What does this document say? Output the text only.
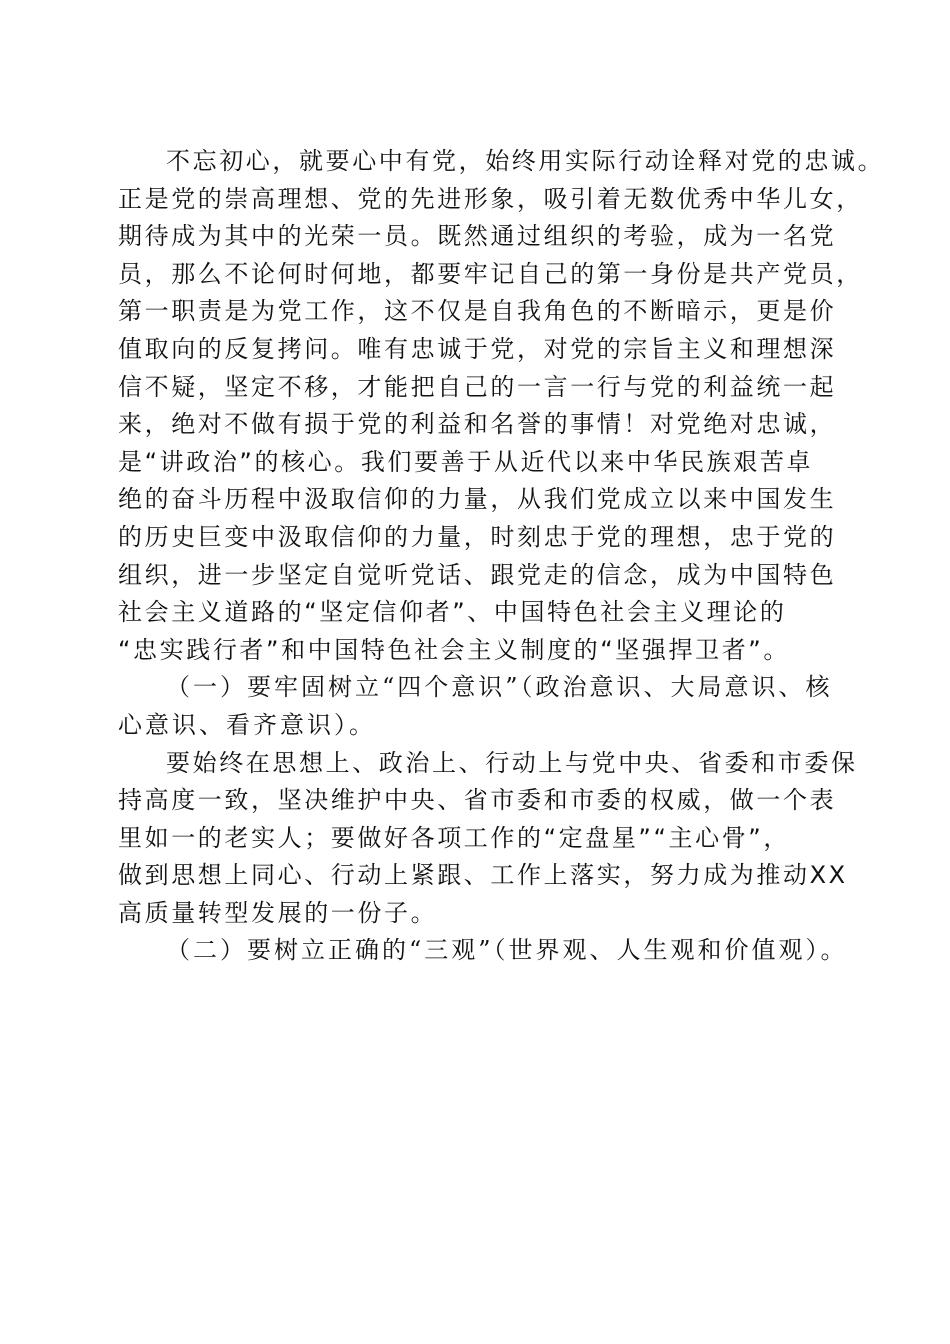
不忘初心，就要心中有党，始终用实际行动诠释对党的忠诚。
正是党的崇高理想、党的先进形象，吸引着无数优秀中华儿女，
期待成为其中的光荣一员。既然通过组织的考验，成为一名党
员，那么不论何时何地，都要牢记自己的第一身份是共产党员，
第一职责是为党工作，这不仅是自我角色的不断暗示，更是价
值取向的反复拷问。唯有忠诚于党，对党的宗旨主义和理想深
信不疑，坚定不移，才能把自己的一言一行与党的利益统一起
来，绝对不做有损于党的利益和名誉的事情！对党绝对忠诚，
是“讲政治”的核心。我们要善于从近代以来中华民族艰苦卓
绝的奋斗历程中汲取信仰的力量，从我们党成立以来中国发生
的历史巨变中汲取信仰的力量，时刻忠于党的理想，忠于党的
组织，进一步坚定自觉听党话、跟党走的信念，成为中国特色
社会主义道路的“坚定信仰者”、中国特色社会主义理论的
“忠实践行者”和中国特色社会主义制度的“坚强捍卫者”。
（一）要牢固树立“四个意识”（政治意识、大局意识、核
心意识、看齐意识）。
要始终在思想上、政治上、行动上与党中央、省委和市委保
持高度一致，坚决维护中央、省市委和市委的权威，做一个表
里如一的老实人；要做好各项工作的“定盘星”“主心骨”，
做到思想上同心、行动上紧跟、工作上落实，努力成为推动XX
高质量转型发展的一份子。
（二）要树立正确的“三观”（世界观、人生观和价值观）。
